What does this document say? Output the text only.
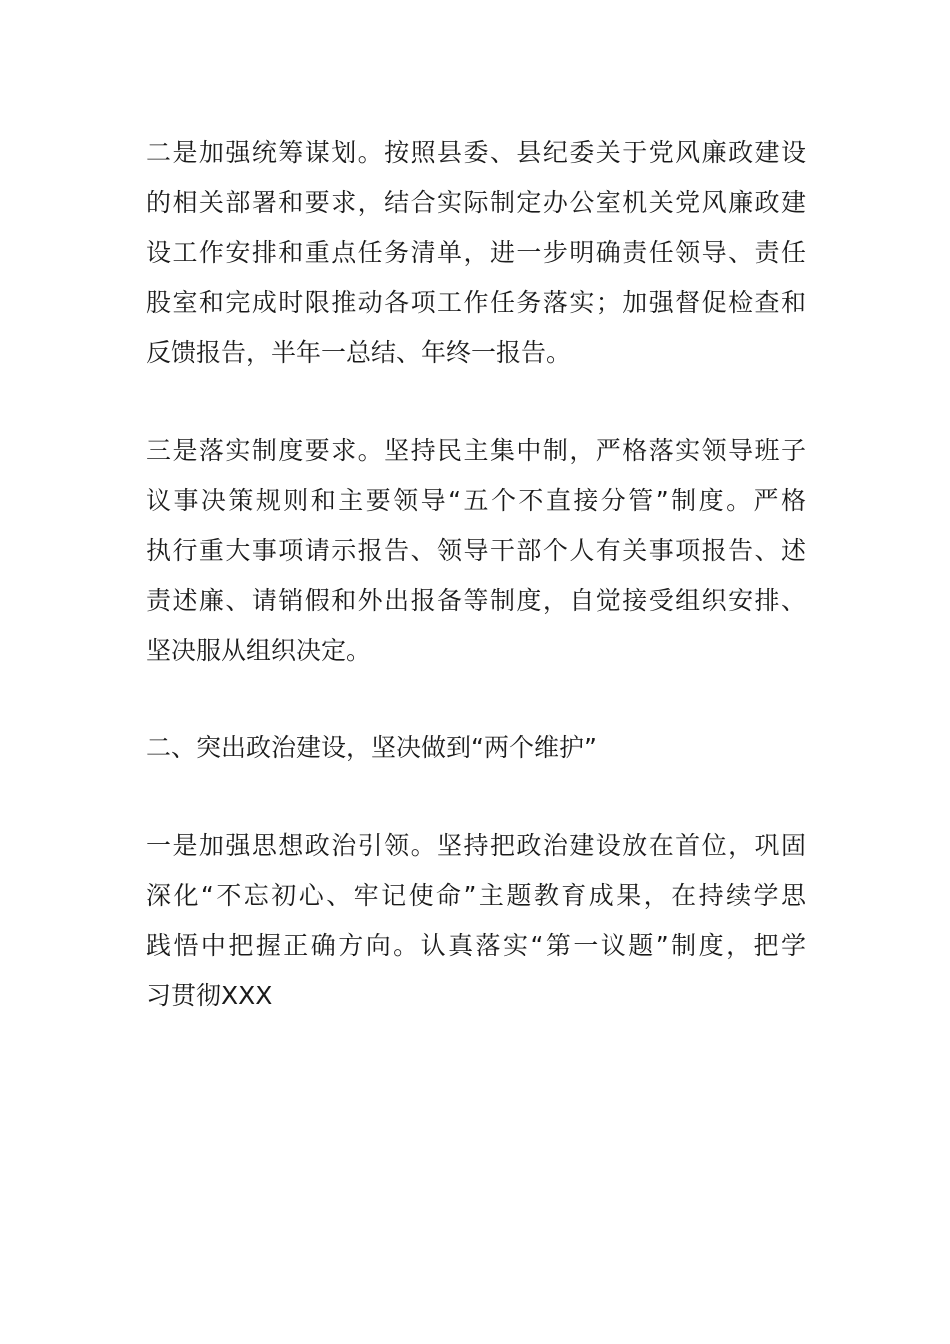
二是加强统筹谋划。按照县委、县纪委关于党风廉政建设
的相关部署和要求，结合实际制定办公室机关党风廉政建
设工作安排和重点任务清单，进一步明确责任领导、责任
股室和完成时限推动各项工作任务落实；加强督促检查和
反馈报告，半年一总结、年终一报告。
三是落实制度要求。坚持民主集中制，严格落实领导班子
议事决策规则和主要领导“五个不直接分管”制度。严格
执行重大事项请示报告、领导干部个人有关事项报告、述
责述廉、请销假和外出报备等制度，自觉接受组织安排、
坚决服从组织决定。
二、突出政治建设，坚决做到“两个维护”
一是加强思想政治引领。坚持把政治建设放在首位，巩固
深化“不忘初心、牢记使命”主题教育成果，在持续学思
践悟中把握正确方向。认真落实“第一议题”制度，把学
习贯彻XXX
